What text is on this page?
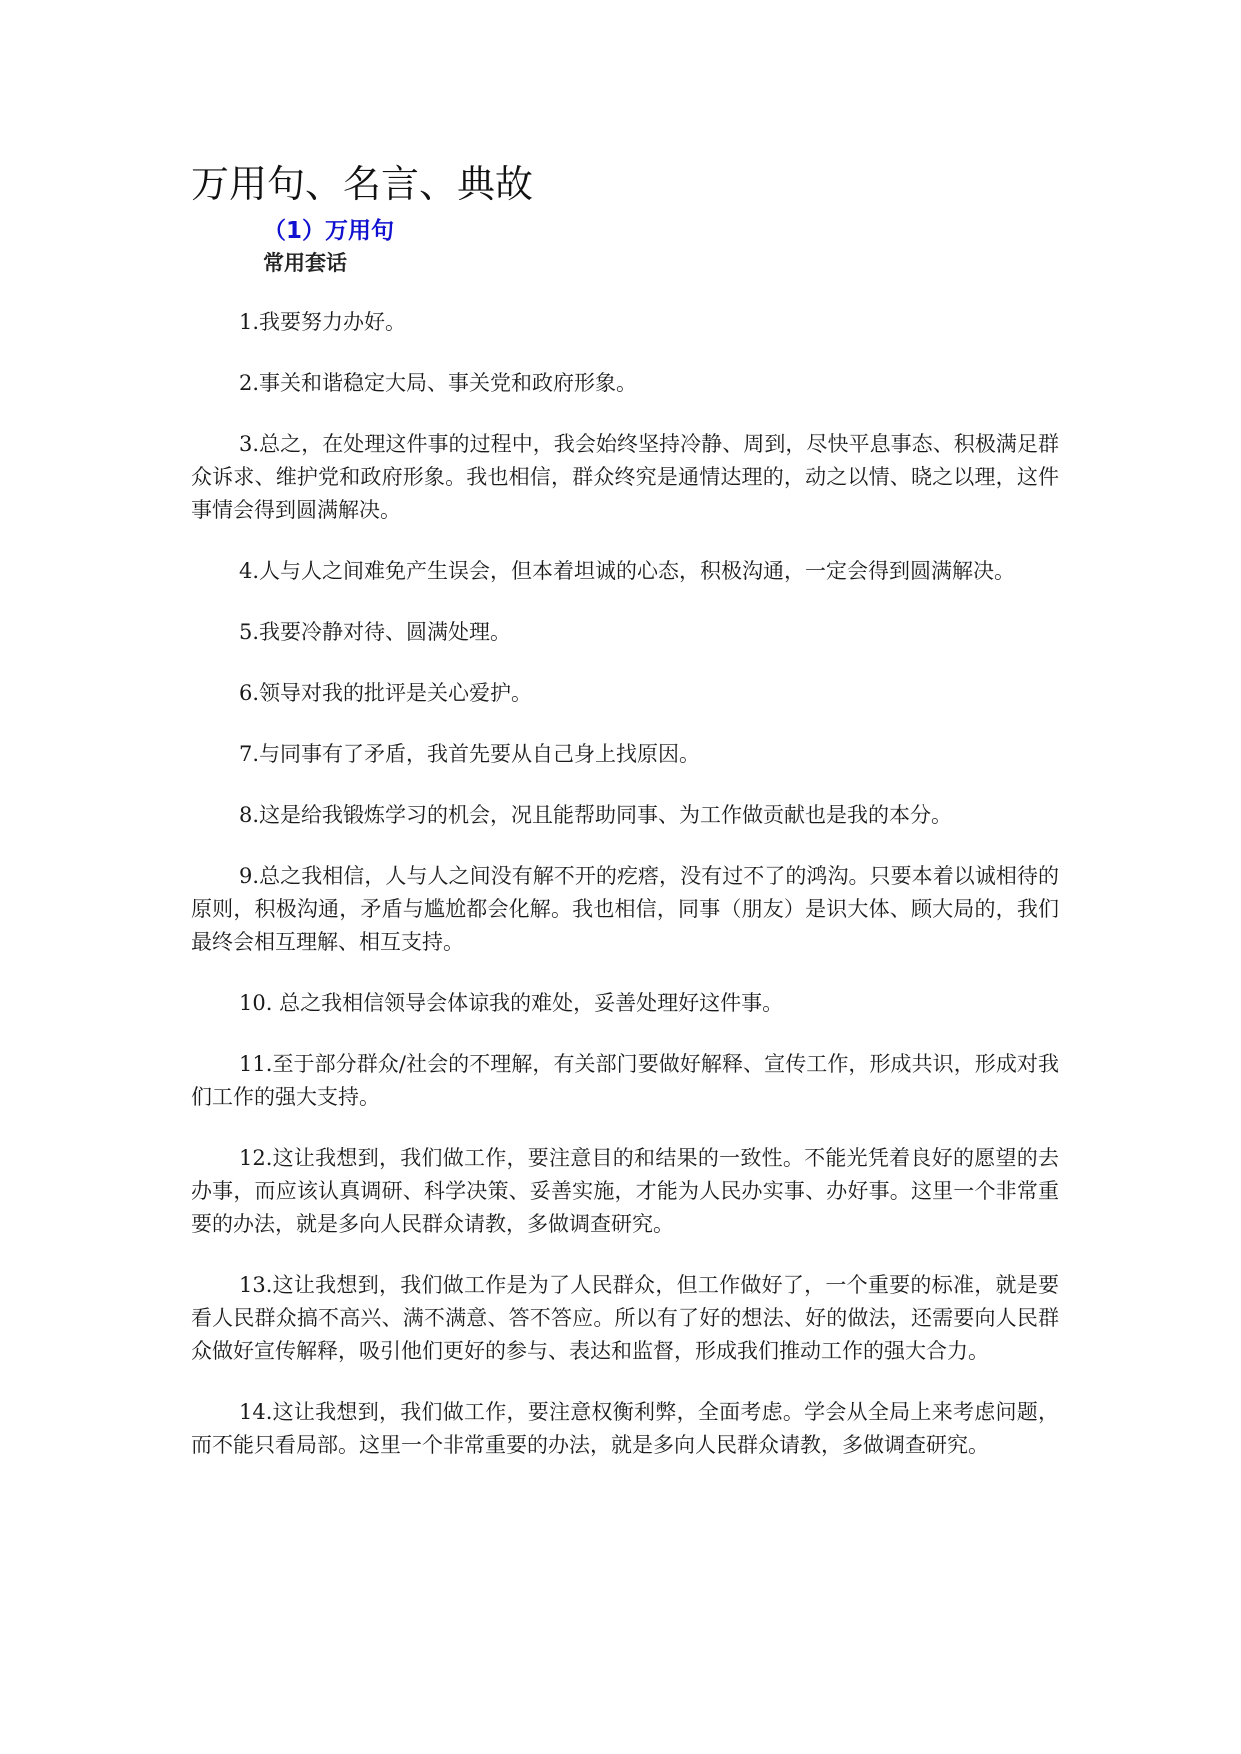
万用句、名言、典故
（1）万用句
常用套话

1.我要努力办好。

2.事关和谐稳定大局、事关党和政府形象。

3.总之，在处理这件事的过程中，我会始终坚持冷静、周到，尽快平息事态、积极满足群众诉求、维护党和政府形象。我也相信，群众终究是通情达理的，动之以情、晓之以理，这件事情会得到圆满解决。

4.人与人之间难免产生误会，但本着坦诚的心态，积极沟通，一定会得到圆满解决。

5.我要冷静对待、圆满处理。

6.领导对我的批评是关心爱护。

7.与同事有了矛盾，我首先要从自己身上找原因。

8.这是给我锻炼学习的机会，况且能帮助同事、为工作做贡献也是我的本分。

9.总之我相信，人与人之间没有解不开的疙瘩，没有过不了的鸿沟。只要本着以诚相待的原则，积极沟通，矛盾与尴尬都会化解。我也相信，同事（朋友）是识大体、顾大局的，我们最终会相互理解、相互支持。

10. 总之我相信领导会体谅我的难处，妥善处理好这件事。

11.至于部分群众/社会的不理解，有关部门要做好解释、宣传工作，形成共识，形成对我们工作的强大支持。

12.这让我想到，我们做工作，要注意目的和结果的一致性。不能光凭着良好的愿望的去办事，而应该认真调研、科学决策、妥善实施，才能为人民办实事、办好事。这里一个非常重要的办法，就是多向人民群众请教，多做调查研究。

13.这让我想到，我们做工作是为了人民群众，但工作做好了，一个重要的标准，就是要看人民群众搞不高兴、满不满意、答不答应。所以有了好的想法、好的做法，还需要向人民群众做好宣传解释，吸引他们更好的参与、表达和监督，形成我们推动工作的强大合力。

14.这让我想到，我们做工作，要注意权衡利弊，全面考虑。学会从全局上来考虑问题，而不能只看局部。这里一个非常重要的办法，就是多向人民群众请教，多做调查研究。
